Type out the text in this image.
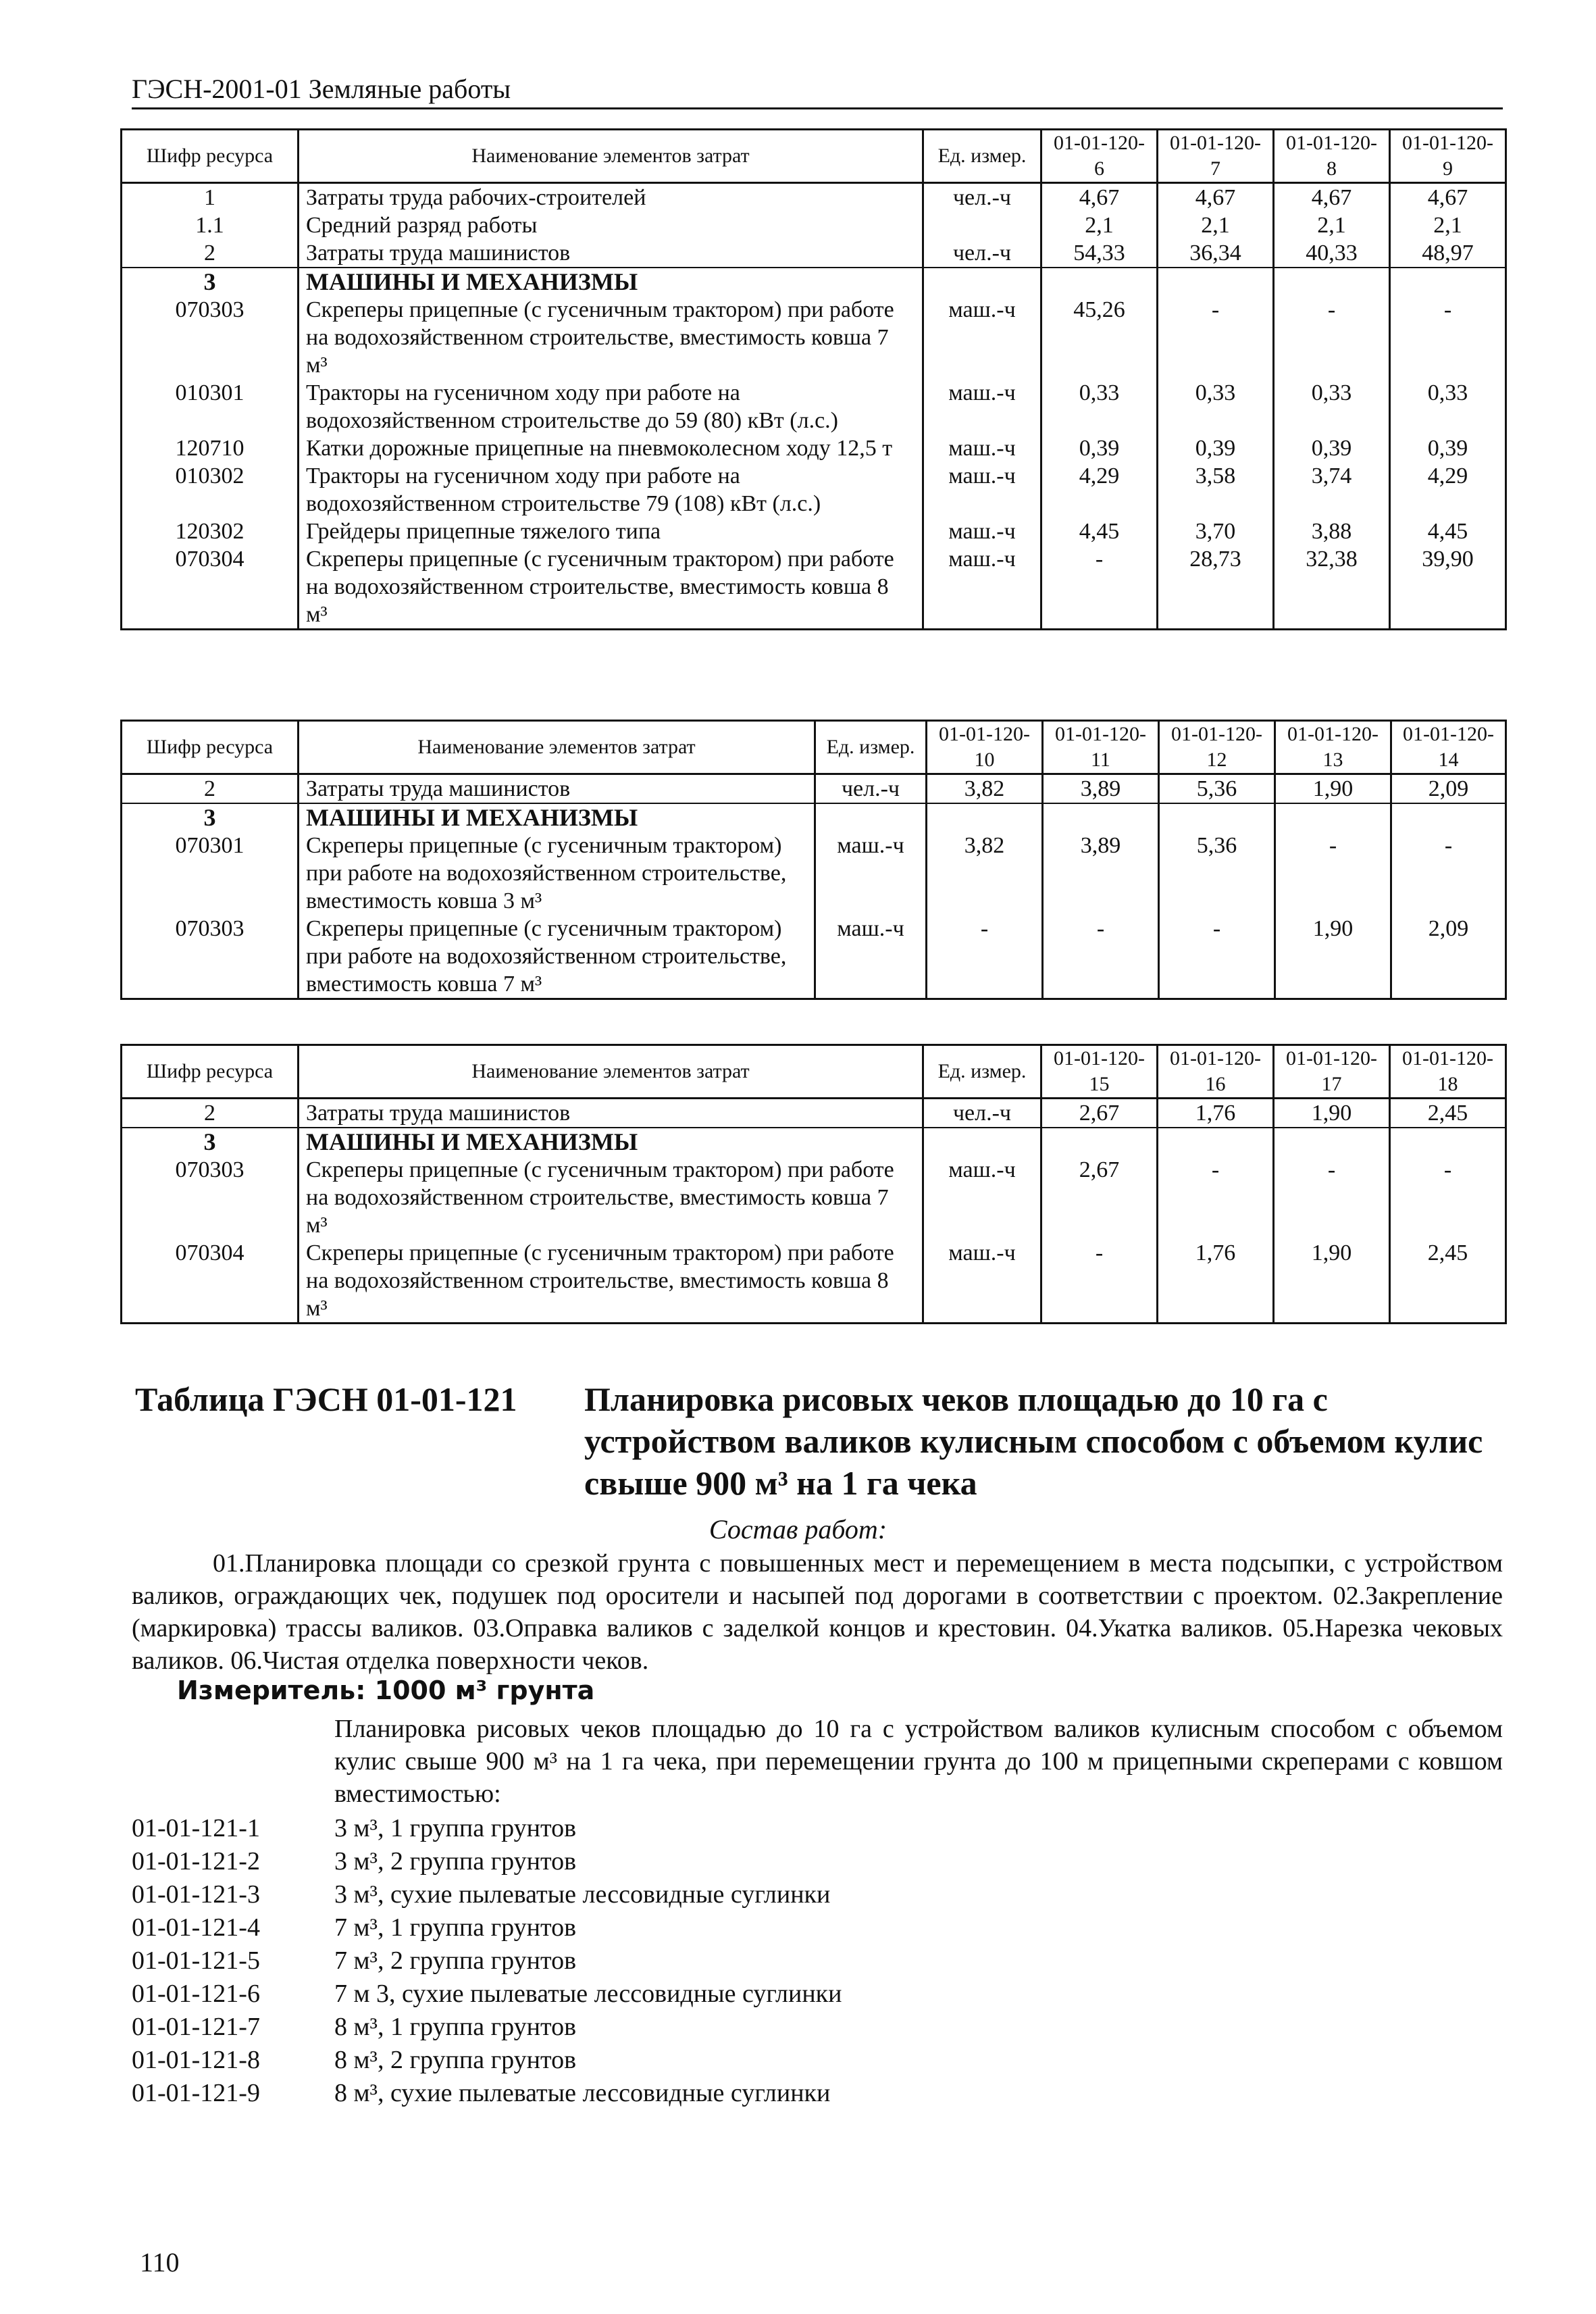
ГЭСН-2001-01 Земляные работы
Шифр ресурса	Наименование элементов затрат	Ед. измер.	01-01-120-6	01-01-120-7	01-01-120-8	01-01-120-9
1	Затраты труда рабочих-строителей	чел.-ч	4,67	4,67	4,67	4,67
1.1	Средний разряд работы		2,1	2,1	2,1	2,1
2	Затраты труда машинистов	чел.-ч	54,33	36,34	40,33	48,97
3	МАШИНЫ И МЕХАНИЗМЫ					
070303	Скреперы прицепные (с гусеничным трактором) при работе на водохозяйственном строительстве, вместимость ковша 7 м³	маш.-ч	45,26	-	-	-
010301	Тракторы на гусеничном ходу при работе на водохозяйственном строительстве до 59 (80) кВт (л.с.)	маш.-ч	0,33	0,33	0,33	0,33
120710	Катки дорожные прицепные на пневмоколесном ходу 12,5 т	маш.-ч	0,39	0,39	0,39	0,39
010302	Тракторы на гусеничном ходу при работе на водохозяйственном строительстве 79 (108) кВт (л.с.)	маш.-ч	4,29	3,58	3,74	4,29
120302	Грейдеры прицепные тяжелого типа	маш.-ч	4,45	3,70	3,88	4,45
070304	Скреперы прицепные (с гусеничным трактором) при работе на водохозяйственном строительстве, вместимость ковша 8 м³	маш.-ч	-	28,73	32,38	39,90
Шифр ресурса	Наименование элементов затрат	Ед. измер.	01-01-120-10	01-01-120-11	01-01-120-12	01-01-120-13	01-01-120-14
2	Затраты труда машинистов	чел.-ч	3,82	3,89	5,36	1,90	2,09
3	МАШИНЫ И МЕХАНИЗМЫ						
070301	Скреперы прицепные (с гусеничным трактором) при работе на водохозяйственном строительстве, вместимость ковша 3 м³	маш.-ч	3,82	3,89	5,36	-	-
070303	Скреперы прицепные (с гусеничным трактором) при работе на водохозяйственном строительстве, вместимость ковша 7 м³	маш.-ч	-	-	-	1,90	2,09
Шифр ресурса	Наименование элементов затрат	Ед. измер.	01-01-120-15	01-01-120-16	01-01-120-17	01-01-120-18
2	Затраты труда машинистов	чел.-ч	2,67	1,76	1,90	2,45
3	МАШИНЫ И МЕХАНИЗМЫ					
070303	Скреперы прицепные (с гусеничным трактором) при работе на водохозяйственном строительстве, вместимость ковша 7 м³	маш.-ч	2,67	-	-	-
070304	Скреперы прицепные (с гусеничным трактором) при работе на водохозяйственном строительстве, вместимость ковша 8 м³	маш.-ч	-	1,76	1,90	2,45
Таблица ГЭСН 01-01-121 Планировка рисовых чеков площадью до 10 га с устройством валиков кулисным способом с объемом кулис свыше 900 м³ на 1 га чека
Состав работ:
01.Планировка площади со срезкой грунта с повышенных мест и перемещением в места подсыпки, с устройством валиков, ограждающих чек, подушек под оросители и насыпей под дорогами в соответствии с проектом. 02.Закрепление (маркировка) трассы валиков. 03.Оправка валиков с заделкой концов и крестовин. 04.Укатка валиков. 05.Нарезка чековых валиков. 06.Чистая отделка поверхности чеков.
Измеритель: 1000 м³ грунта
Планировка рисовых чеков площадью до 10 га с устройством валиков кулисным способом с объемом кулис свыше 900 м³ на 1 га чека, при перемещении грунта до 100 м прицепными скреперами с ковшом вместимостью:
01-01-121-1	3 м³, 1 группа грунтов
01-01-121-2	3 м³, 2 группа грунтов
01-01-121-3	3 м³, сухие пылеватые лессовидные суглинки
01-01-121-4	7 м³, 1 группа грунтов
01-01-121-5	7 м³, 2 группа грунтов
01-01-121-6	7 м 3, сухие пылеватые лессовидные суглинки
01-01-121-7	8 м³, 1 группа грунтов
01-01-121-8	8 м³, 2 группа грунтов
01-01-121-9	8 м³, сухие пылеватые лессовидные суглинки
110
